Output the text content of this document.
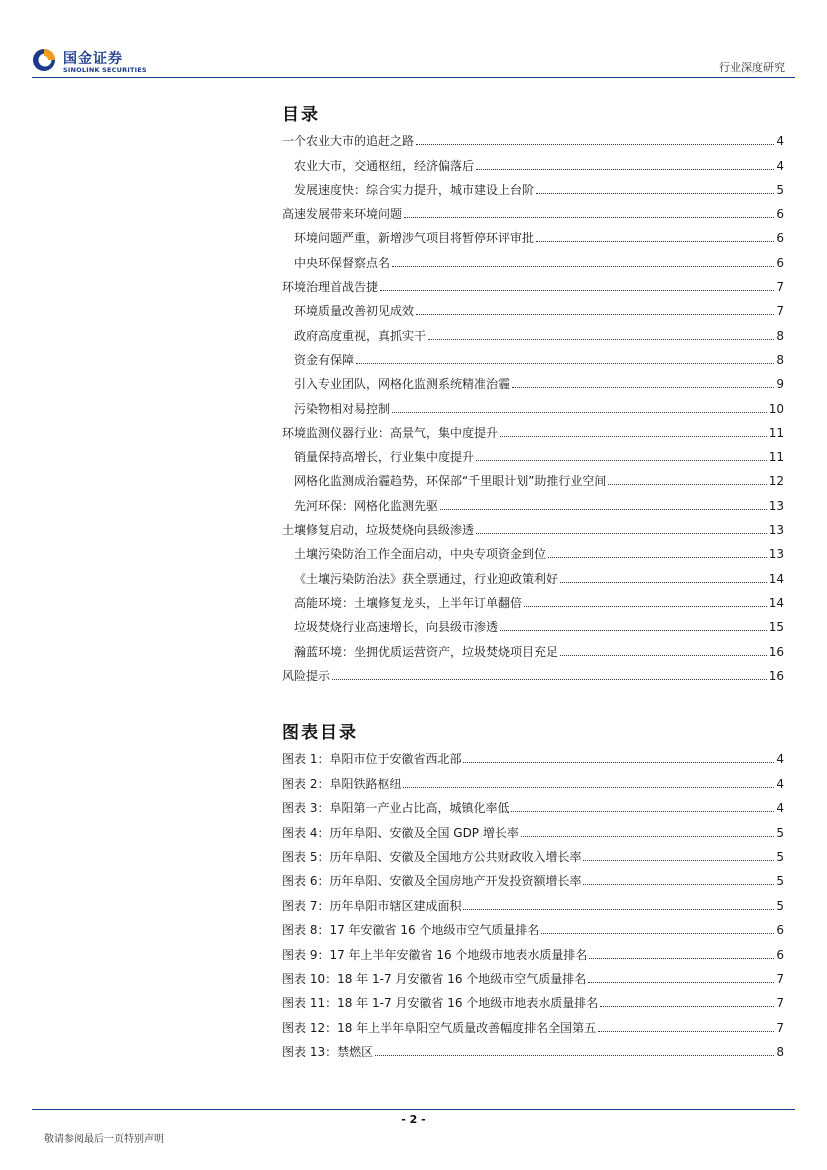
国金证券
SINOLINK SECURITIES	行业深度研究
目录
一个农业大市的追赶之路	4
农业大市，交通枢纽，经济偏落后	4
发展速度快：综合实力提升，城市建设上台阶	5
高速发展带来环境问题	6
环境问题严重，新增涉气项目将暂停环评审批	6
中央环保督察点名	6
环境治理首战告捷	7
环境质量改善初见成效	7
政府高度重视，真抓实干	8
资金有保障	8
引入专业团队，网格化监测系统精准治霾	9
污染物相对易控制	10
环境监测仪器行业：高景气，集中度提升	11
销量保持高增长，行业集中度提升	11
网格化监测成治霾趋势，环保部“千里眼计划”助推行业空间	12
先河环保：网格化监测先驱	13
土壤修复启动，垃圾焚烧向县级渗透	13
土壤污染防治工作全面启动，中央专项资金到位	13
《土壤污染防治法》获全票通过，行业迎政策利好	14
高能环境：土壤修复龙头，上半年订单翻倍	14
垃圾焚烧行业高速增长，向县级市渗透	15
瀚蓝环境：坐拥优质运营资产，垃圾焚烧项目充足	16
风险提示	16
图表目录
图表 1：阜阳市位于安徽省西北部	4
图表 2：阜阳铁路枢纽	4
图表 3：阜阳第一产业占比高，城镇化率低	4
图表 4：历年阜阳、安徽及全国 GDP 增长率	5
图表 5：历年阜阳、安徽及全国地方公共财政收入增长率	5
图表 6：历年阜阳、安徽及全国房地产开发投资额增长率	5
图表 7：历年阜阳市辖区建成面积	5
图表 8：17 年安徽省 16 个地级市空气质量排名	6
图表 9：17 年上半年安徽省 16 个地级市地表水质量排名	6
图表 10：18 年 1-7 月安徽省 16 个地级市空气质量排名	7
图表 11：18 年 1-7 月安徽省 16 个地级市地表水质量排名	7
图表 12：18 年上半年阜阳空气质量改善幅度排名全国第五	7
图表 13：禁燃区	8
- 2 -
敬请参阅最后一页特别声明
